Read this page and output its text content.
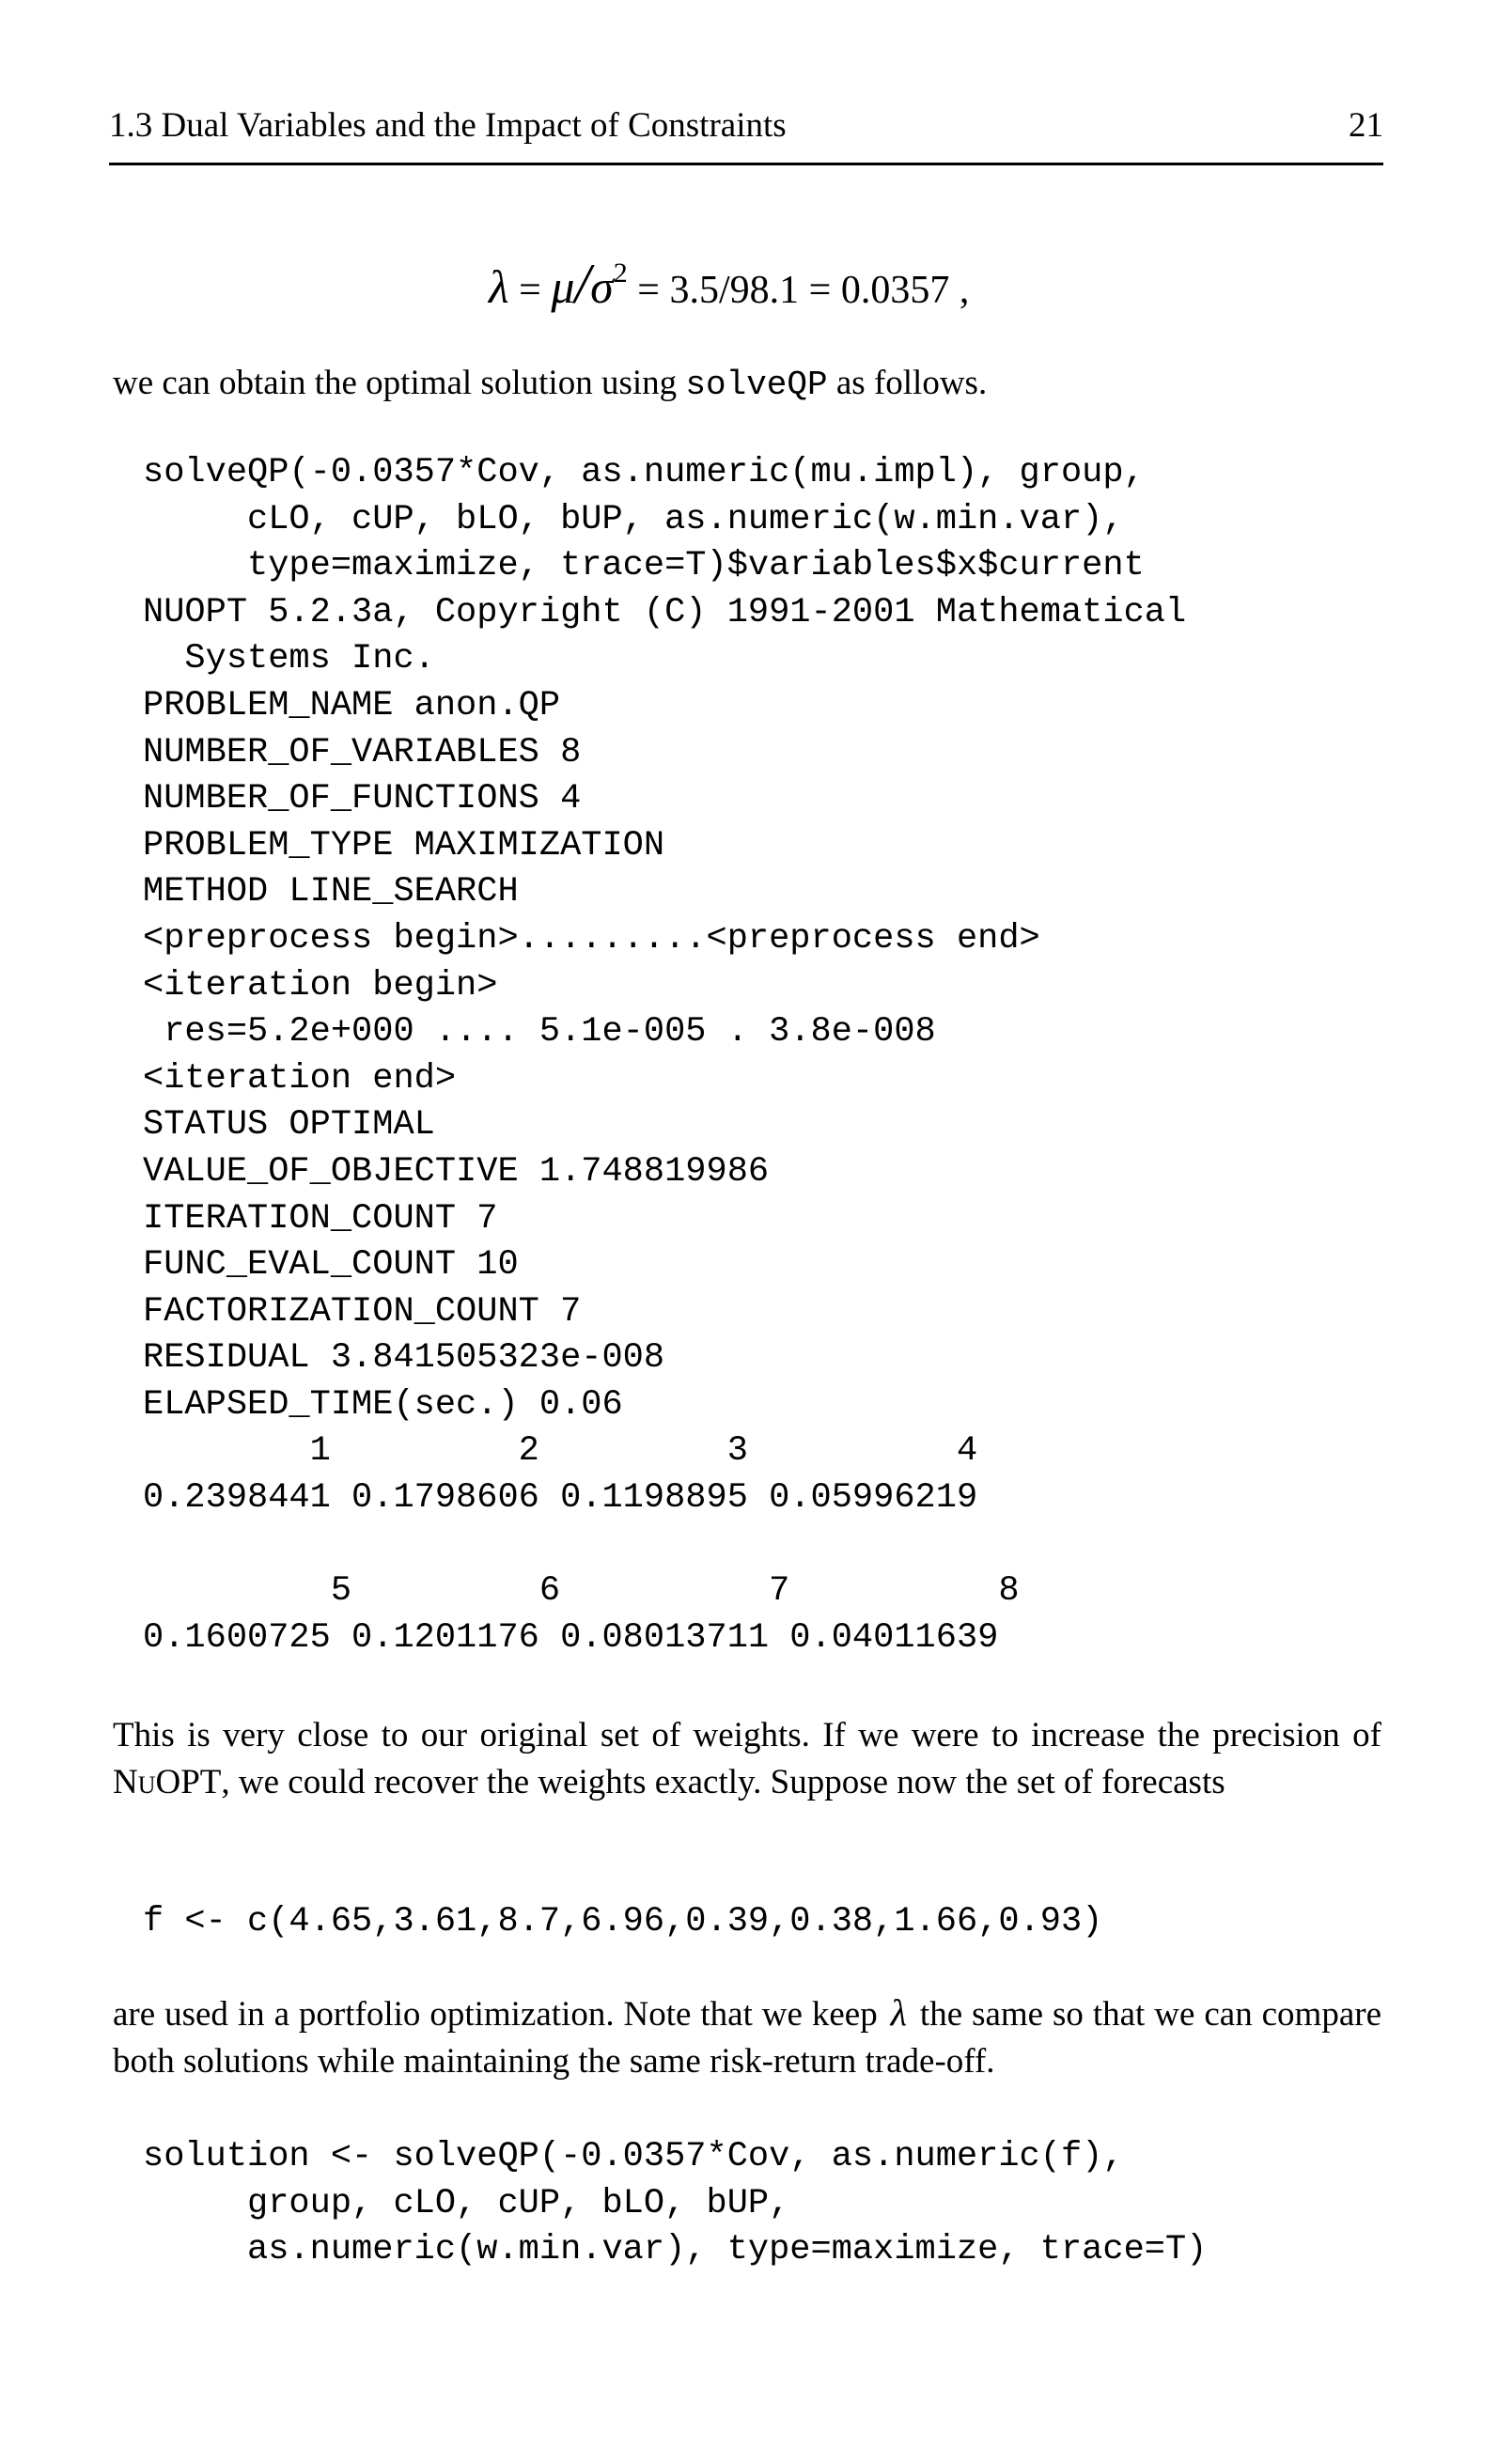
1.3 Dual Variables and the Impact of Constraints	21
$\lambda = \mu/\sigma^2 = 3.5/98.1 = 0.0357$ ,
we can obtain the optimal solution using solveQP as follows.
solveQP(-0.0357*Cov, as.numeric(mu.impl), group,
cLO, cUP, bLO, bUP, as.numeric(w.min.var),
type=maximize, trace=T)$variables$x$current
NUOPT 5.2.3a, Copyright (C) 1991-2001 Mathematical
Systems Inc.
PROBLEM_NAME anon.QP
NUMBER_OF_VARIABLES 8
NUMBER_OF_FUNCTIONS 4
PROBLEM_TYPE MAXIMIZATION
METHOD LINE_SEARCH
<preprocess begin>.........<preprocess end>
<iteration begin>
res=5.2e+000 .... 5.1e-005 . 3.8e-008
<iteration end>
STATUS OPTIMAL
VALUE_OF_OBJECTIVE 1.748819986
ITERATION_COUNT 7
FUNC_EVAL_COUNT 10
FACTORIZATION_COUNT 7
RESIDUAL 3.841505323e-008
ELAPSED_TIME(sec.) 0.06
1         2         3          4
0.2398441 0.1798606 0.1198895 0.05996219

5         6          7          8
0.1600725 0.1201176 0.08013711 0.04011639
This is very close to our original set of weights. If we were to increase the precision of NuOPT, we could recover the weights exactly. Suppose now the set of forecasts
f <- c(4.65,3.61,8.7,6.96,0.39,0.38,1.66,0.93)
are used in a portfolio optimization. Note that we keep λ the same so that we can compare both solutions while maintaining the same risk-return trade-off.
solution <- solveQP(-0.0357*Cov, as.numeric(f),
group, cLO, cUP, bLO, bUP,
as.numeric(w.min.var), type=maximize, trace=T)
